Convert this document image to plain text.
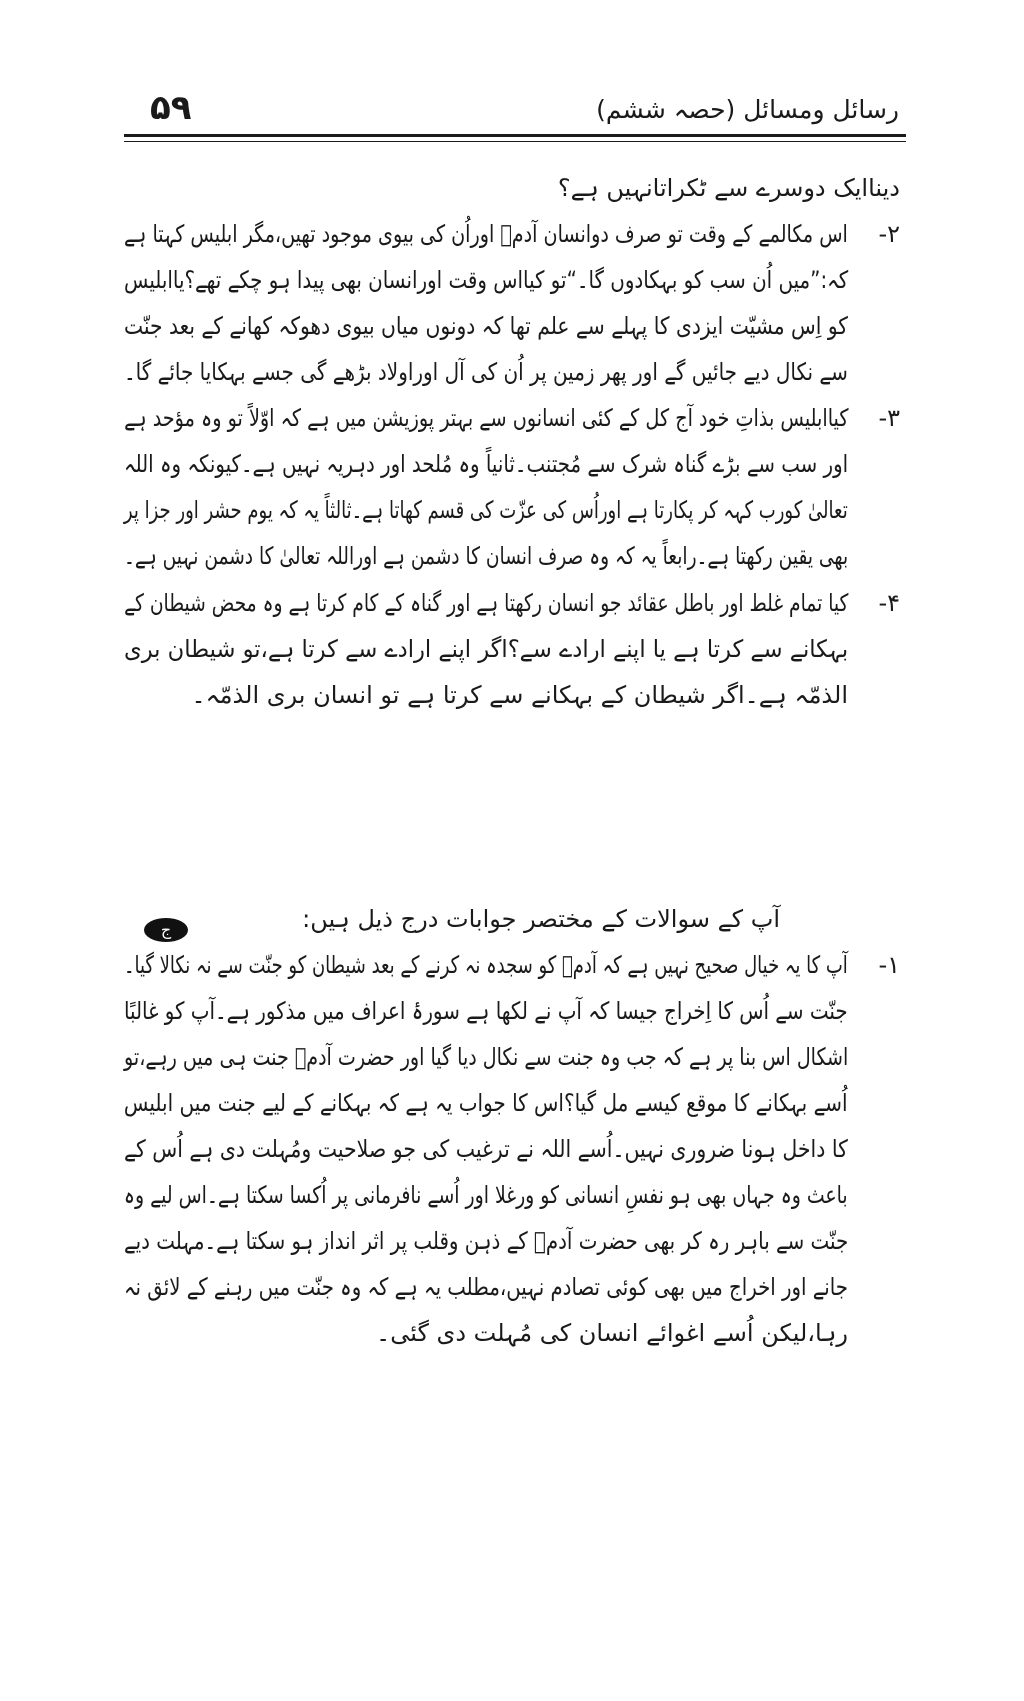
رسائل ومسائل (حصہ ششم)
۵۹
دیناایک دوسرے سے ٹکراتانہیں ہے؟
۲-
اس مکالمے کے وقت تو صرف دوانسان آدمؑ اوراُن کی بیوی موجود تھیں،مگر ابلیس کہتا ہے
کہ:”میں اُن سب کو بہکادوں گا۔“تو کیااس وقت اورانسان بھی پیدا ہو چکے تھے؟یاابلیس
کو اِس مشیّت ایزدی کا پہلے سے علم تھا کہ دونوں میاں بیوی دھوکہ کھانے کے بعد جنّت
سے نکال دیے جائیں گے اور پھر زمین پر اُن کی آل اوراولاد بڑھے گی جسے بہکایا جائے گا۔
۳-
کیاابلیس بذاتِ خود آج کل کے کئی انسانوں سے بہتر پوزیشن میں ہے کہ اوّلاً تو وہ مؤحد ہے
اور سب سے بڑے گناہ شرک سے مُجتنب۔ثانیاً وہ مُلحد اور دہریہ نہیں ہے۔کیونکہ وہ اللہ
تعالیٰ کورب کہہ کر پکارتا ہے اوراُس کی عزّت کی قسم کھاتا ہے۔ثالثاً یہ کہ یوم حشر اور جزا پر
بھی یقین رکھتا ہے۔رابعاً یہ کہ وہ صرف انسان کا دشمن ہے اوراللہ تعالیٰ کا دشمن نہیں ہے۔
۴-
کیا تمام غلط اور باطل عقائد جو انسان رکھتا ہے اور گناہ کے کام کرتا ہے وہ محض شیطان کے
بہکانے سے کرتا ہے یا اپنے ارادے سے؟اگر اپنے ارادے سے کرتا ہے،تو شیطان بری
الذمّہ ہے۔اگر شیطان کے بہکانے سے کرتا ہے تو انسان بری الذمّہ۔
ج	آپ کے سوالات کے مختصر جوابات درج ذیل ہیں:
۱-
آپ کا یہ خیال صحیح نہیں ہے کہ آدمؑ کو سجدہ نہ کرنے کے بعد شیطان کو جنّت سے نہ نکالا گیا۔
جنّت سے اُس کا اِخراج جیسا کہ آپ نے لکھا ہے سورۂ اعراف میں مذکور ہے۔آپ کو غالبًا
اشکال اس بنا پر ہے کہ جب وہ جنت سے نکال دیا گیا اور حضرت آدمؑ جنت ہی میں رہے،تو
اُسے بہکانے کا موقع کیسے مل گیا؟اس کا جواب یہ ہے کہ بہکانے کے لیے جنت میں ابلیس
کا داخل ہونا ضروری نہیں۔اُسے اللہ نے ترغیب کی جو صلاحیت ومُہلت دی ہے اُس کے
باعث وہ جہاں بھی ہو نفسِ انسانی کو ورغلا اور اُسے نافرمانی پر اُکسا سکتا ہے۔اس لیے وہ
جنّت سے باہر رہ کر بھی حضرت آدمؑ کے ذہن وقلب پر اثر انداز ہو سکتا ہے۔مہلت دیے
جانے اور اخراج میں بھی کوئی تصادم نہیں،مطلب یہ ہے کہ وہ جنّت میں رہنے کے لائق نہ
رہا،لیکن اُسے اغوائے انسان کی مُہلت دی گئی۔
